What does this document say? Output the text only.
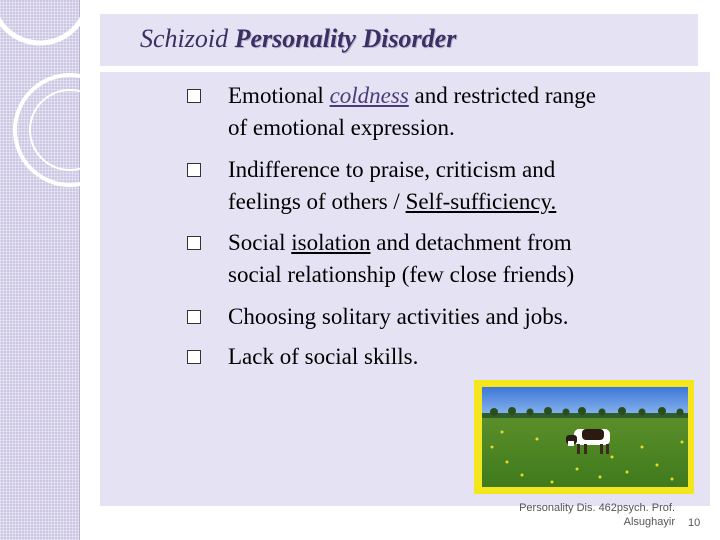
Schizoid Personality Disorder
Emotional coldness and restricted range
of emotional expression.
Indifference to praise, criticism and
feelings of others / Self-sufficiency.
Social isolation and detachment from
social relationship (few close friends)
Choosing solitary activities and jobs.
Lack of social skills.
Personality Dis. 462psych. Prof.
Alsughayir 10
